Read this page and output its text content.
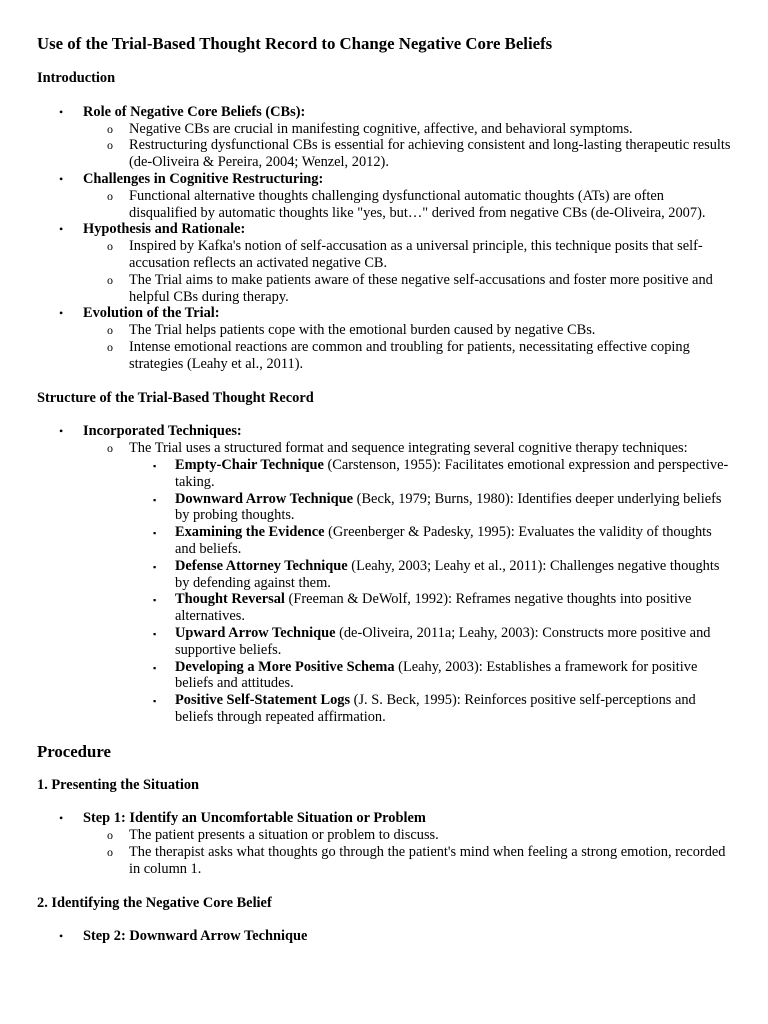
Use of the Trial-Based Thought Record to Change Negative Core Beliefs
Introduction
• Role of Negative Core Beliefs (CBs):
o Negative CBs are crucial in manifesting cognitive, affective, and behavioral symptoms.
o Restructuring dysfunctional CBs is essential for achieving consistent and long-lasting therapeutic results (de-Oliveira & Pereira, 2004; Wenzel, 2012).
• Challenges in Cognitive Restructuring:
o Functional alternative thoughts challenging dysfunctional automatic thoughts (ATs) are often disqualified by automatic thoughts like "yes, but…" derived from negative CBs (de-Oliveira, 2007).
• Hypothesis and Rationale:
o Inspired by Kafka's notion of self-accusation as a universal principle, this technique posits that self-accusation reflects an activated negative CB.
o The Trial aims to make patients aware of these negative self-accusations and foster more positive and helpful CBs during therapy.
• Evolution of the Trial:
o The Trial helps patients cope with the emotional burden caused by negative CBs.
o Intense emotional reactions are common and troubling for patients, necessitating effective coping strategies (Leahy et al., 2011).
Structure of the Trial-Based Thought Record
• Incorporated Techniques:
o The Trial uses a structured format and sequence integrating several cognitive therapy techniques:
▪ Empty-Chair Technique (Carstenson, 1955): Facilitates emotional expression and perspective-taking.
▪ Downward Arrow Technique (Beck, 1979; Burns, 1980): Identifies deeper underlying beliefs by probing thoughts.
▪ Examining the Evidence (Greenberger & Padesky, 1995): Evaluates the validity of thoughts and beliefs.
▪ Defense Attorney Technique (Leahy, 2003; Leahy et al., 2011): Challenges negative thoughts by defending against them.
▪ Thought Reversal (Freeman & DeWolf, 1992): Reframes negative thoughts into positive alternatives.
▪ Upward Arrow Technique (de-Oliveira, 2011a; Leahy, 2003): Constructs more positive and supportive beliefs.
▪ Developing a More Positive Schema (Leahy, 2003): Establishes a framework for positive beliefs and attitudes.
▪ Positive Self-Statement Logs (J. S. Beck, 1995): Reinforces positive self-perceptions and beliefs through repeated affirmation.
Procedure
1. Presenting the Situation
• Step 1: Identify an Uncomfortable Situation or Problem
o The patient presents a situation or problem to discuss.
o The therapist asks what thoughts go through the patient's mind when feeling a strong emotion, recorded in column 1.
2. Identifying the Negative Core Belief
• Step 2: Downward Arrow Technique
